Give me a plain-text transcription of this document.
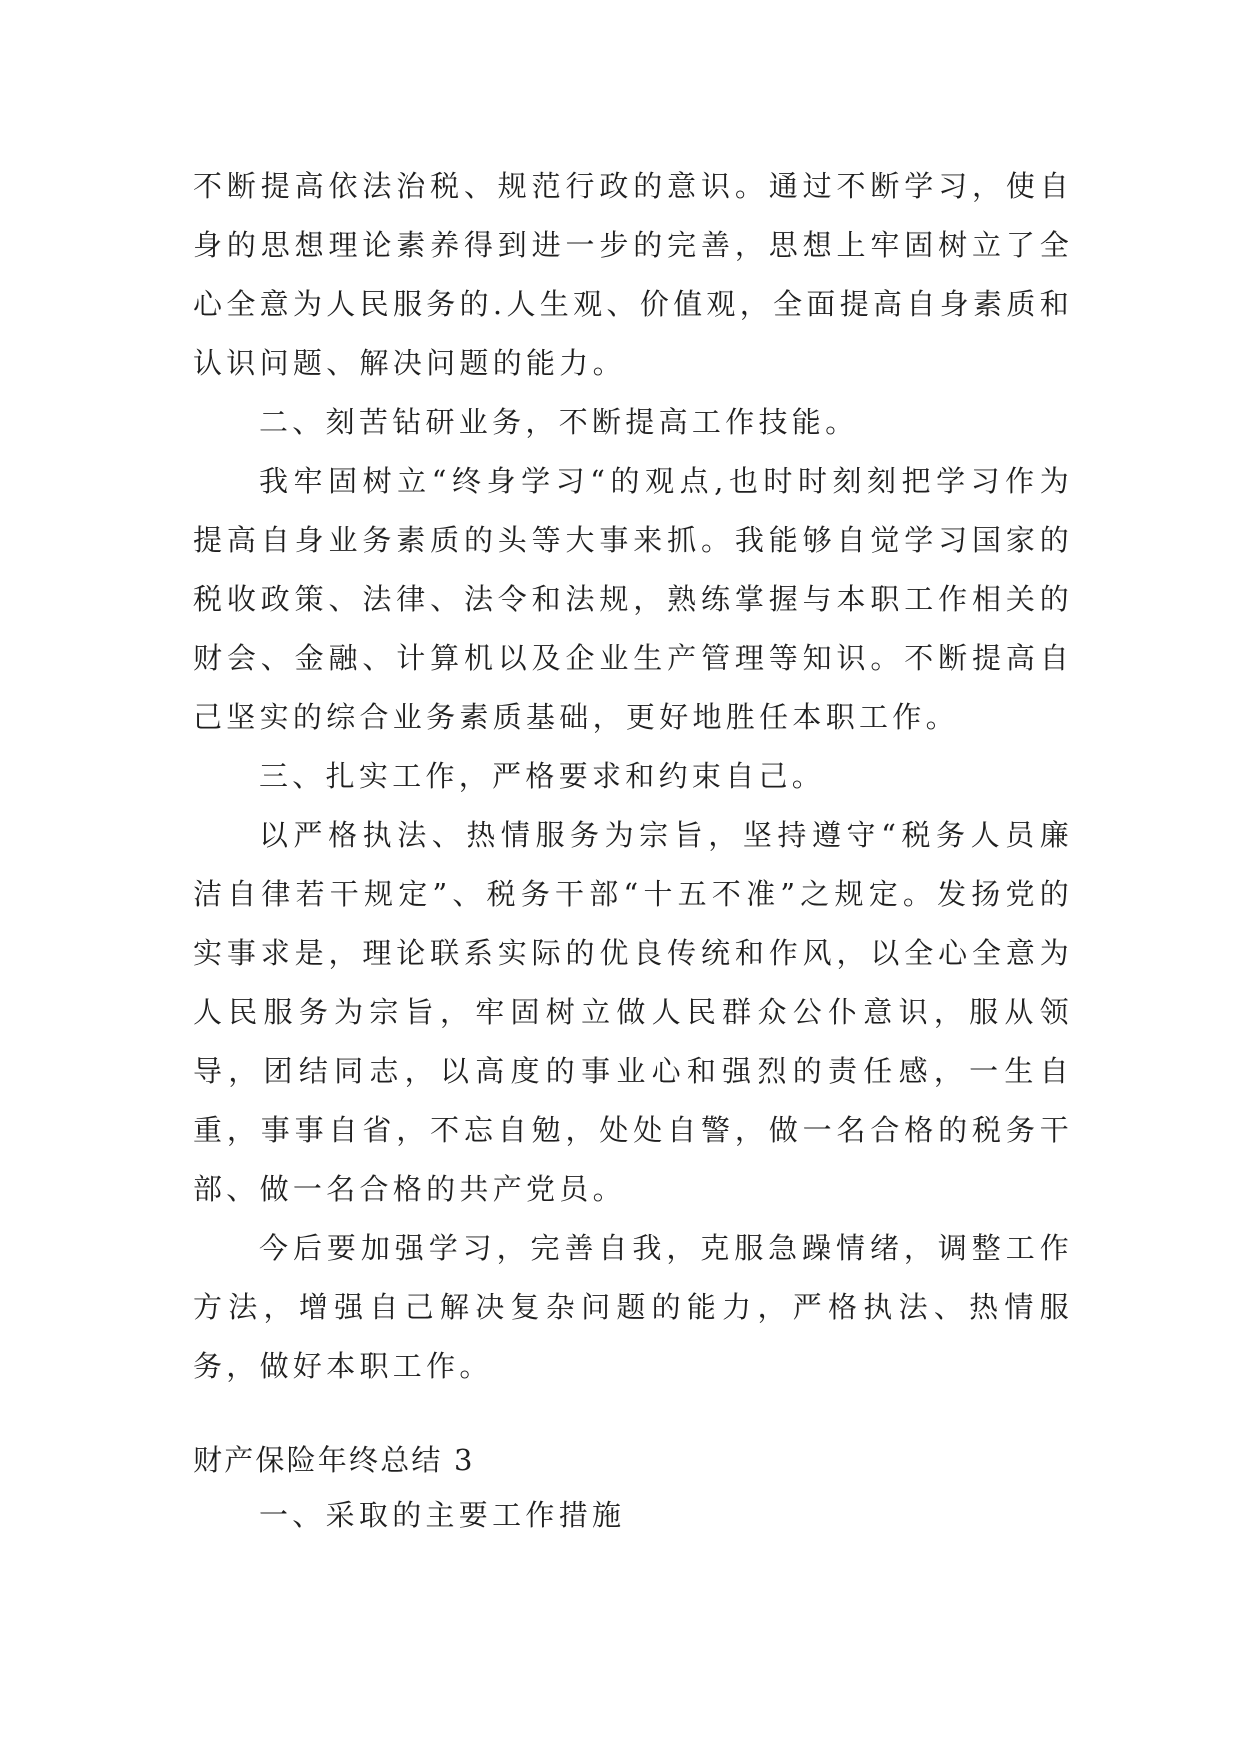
不断提高依法治税、规范行政的意识。通过不断学习，使自身的思想理论素养得到进一步的完善，思想上牢固树立了全心全意为人民服务的.人生观、价值观，全面提高自身素质和认识问题、解决问题的能力。

二、刻苦钻研业务，不断提高工作技能。

我牢固树立“终身学习“的观点,也时时刻刻把学习作为提高自身业务素质的头等大事来抓。我能够自觉学习国家的税收政策、法律、法令和法规，熟练掌握与本职工作相关的财会、金融、计算机以及企业生产管理等知识。不断提高自己坚实的综合业务素质基础，更好地胜任本职工作。

三、扎实工作，严格要求和约束自己。

以严格执法、热情服务为宗旨，坚持遵守“税务人员廉洁自律若干规定”、税务干部“十五不准”之规定。发扬党的实事求是，理论联系实际的优良传统和作风，以全心全意为人民服务为宗旨，牢固树立做人民群众公仆意识，服从领导，团结同志，以高度的事业心和强烈的责任感，一生自重，事事自省，不忘自勉，处处自警，做一名合格的税务干部、做一名合格的共产党员。

今后要加强学习，完善自我，克服急躁情绪，调整工作方法，增强自己解决复杂问题的能力，严格执法、热情服务，做好本职工作。

财产保险年终总结 3
一、采取的主要工作措施
